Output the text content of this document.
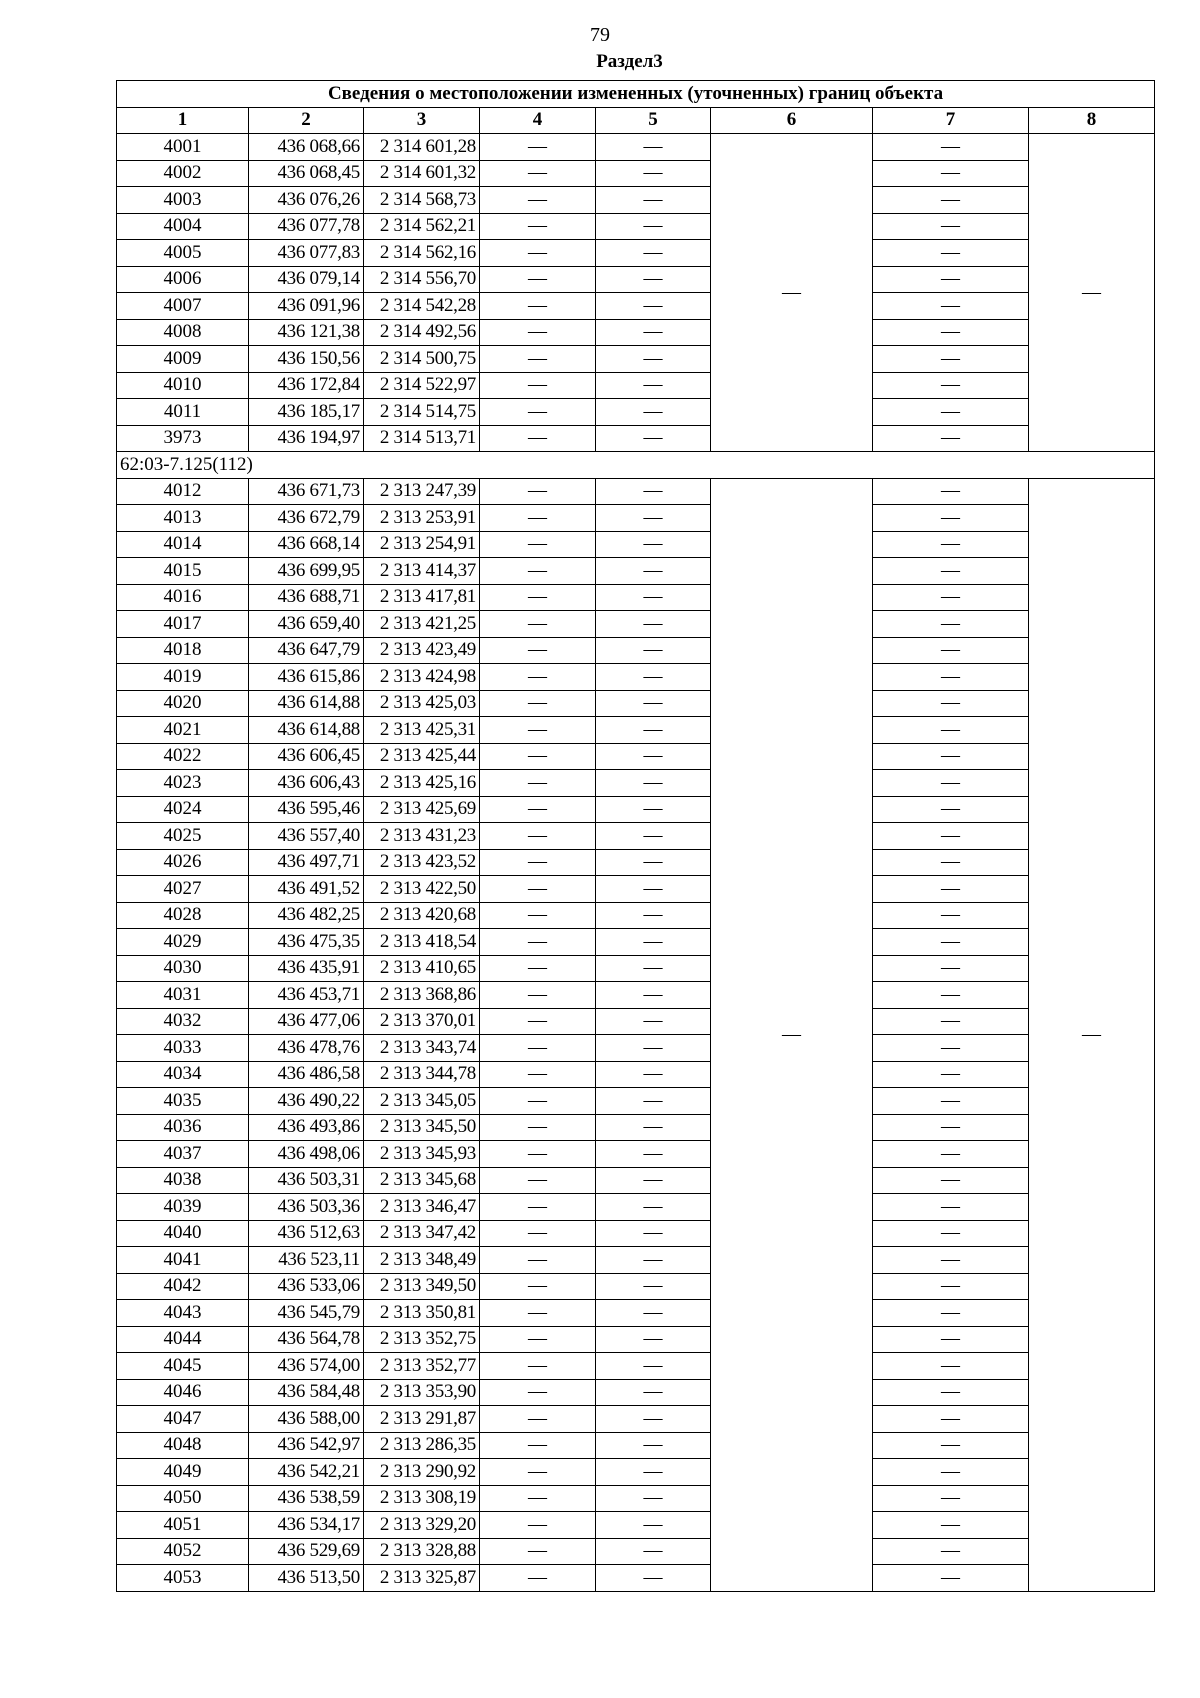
79
Раздел3
Сведения о местоположении измененных (уточненных) границ объекта							
1	2	3	4	5	6	7	8
4001	436 068,66	2 314 601,28	—	—	—	—	—
4002	436 068,45	2 314 601,32	—	—		—	
4003	436 076,26	2 314 568,73	—	—		—	
4004	436 077,78	2 314 562,21	—	—		—	
4005	436 077,83	2 314 562,16	—	—		—	
4006	436 079,14	2 314 556,70	—	—		—	
4007	436 091,96	2 314 542,28	—	—		—	
4008	436 121,38	2 314 492,56	—	—		—	
4009	436 150,56	2 314 500,75	—	—		—	
4010	436 172,84	2 314 522,97	—	—		—	
4011	436 185,17	2 314 514,75	—	—		—	
3973	436 194,97	2 314 513,71	—	—		—	
62:03-7.125(112)							
4012	436 671,73	2 313 247,39	—	—	—	—	—
4013	436 672,79	2 313 253,91	—	—		—	
4014	436 668,14	2 313 254,91	—	—		—	
4015	436 699,95	2 313 414,37	—	—		—	
4016	436 688,71	2 313 417,81	—	—		—	
4017	436 659,40	2 313 421,25	—	—		—	
4018	436 647,79	2 313 423,49	—	—		—	
4019	436 615,86	2 313 424,98	—	—		—	
4020	436 614,88	2 313 425,03	—	—		—	
4021	436 614,88	2 313 425,31	—	—		—	
4022	436 606,45	2 313 425,44	—	—		—	
4023	436 606,43	2 313 425,16	—	—		—	
4024	436 595,46	2 313 425,69	—	—		—	
4025	436 557,40	2 313 431,23	—	—		—	
4026	436 497,71	2 313 423,52	—	—		—	
4027	436 491,52	2 313 422,50	—	—		—	
4028	436 482,25	2 313 420,68	—	—		—	
4029	436 475,35	2 313 418,54	—	—		—	
4030	436 435,91	2 313 410,65	—	—		—	
4031	436 453,71	2 313 368,86	—	—		—	
4032	436 477,06	2 313 370,01	—	—		—	
4033	436 478,76	2 313 343,74	—	—		—	
4034	436 486,58	2 313 344,78	—	—		—	
4035	436 490,22	2 313 345,05	—	—		—	
4036	436 493,86	2 313 345,50	—	—		—	
4037	436 498,06	2 313 345,93	—	—		—	
4038	436 503,31	2 313 345,68	—	—		—	
4039	436 503,36	2 313 346,47	—	—		—	
4040	436 512,63	2 313 347,42	—	—		—	
4041	436 523,11	2 313 348,49	—	—		—	
4042	436 533,06	2 313 349,50	—	—		—	
4043	436 545,79	2 313 350,81	—	—		—	
4044	436 564,78	2 313 352,75	—	—		—	
4045	436 574,00	2 313 352,77	—	—		—	
4046	436 584,48	2 313 353,90	—	—		—	
4047	436 588,00	2 313 291,87	—	—		—	
4048	436 542,97	2 313 286,35	—	—		—	
4049	436 542,21	2 313 290,92	—	—		—	
4050	436 538,59	2 313 308,19	—	—		—	
4051	436 534,17	2 313 329,20	—	—		—	
4052	436 529,69	2 313 328,88	—	—		—	
4053	436 513,50	2 313 325,87	—	—		—	
